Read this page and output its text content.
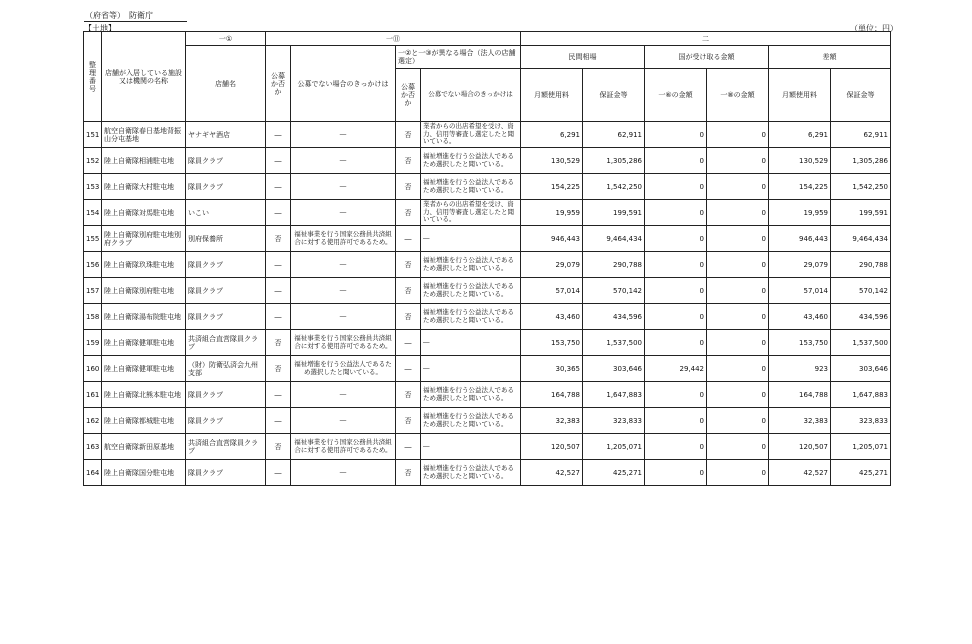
（府省等）　防衛庁
【土地】	（単位：円）
整理番号	店舗が入居している施設又は機関の名称	一①	一⑪				二					
		店舗名	公募か否か	公募でない場合のきっかけは	一②と一③が異なる場合（法人の店舗選定）		民間相場		国が受け取る金額		差額	
					公募か否か	公募でない場合のきっかけは	月額使用料	保証金等	一⑥の金額	一⑧の金額	月額使用料	保証金等
151	航空自衛隊春日基地背振山分屯基地	ヤナギヤ酒店	―	―	否	業者からの出店希望を受け、資力、信用等審査し選定したと聞いている。	6,291	62,911	0	0	6,291	62,911
152	陸上自衛隊相浦駐屯地	隊員クラブ	―	―	否	福祉増進を行う公益法人であるため選択したと聞いている。	130,529	1,305,286	0	0	130,529	1,305,286
153	陸上自衛隊大村駐屯地	隊員クラブ	―	―	否	福祉増進を行う公益法人であるため選択したと聞いている。	154,225	1,542,250	0	0	154,225	1,542,250
154	陸上自衛隊対馬駐屯地	いこい	―	―	否	業者からの出店希望を受け、資力、信用等審査し選定したと聞いている。	19,959	199,591	0	0	19,959	199,591
155	陸上自衛隊別府駐屯地別府クラブ	別府保養所	否	福祉事業を行う国家公務員共済組合に対する使用許可であるため。	―	―	946,443	9,464,434	0	0	946,443	9,464,434
156	陸上自衛隊玖珠駐屯地	隊員クラブ	―	―	否	福祉増進を行う公益法人であるため選択したと聞いている。	29,079	290,788	0	0	29,079	290,788
157	陸上自衛隊別府駐屯地	隊員クラブ	―	―	否	福祉増進を行う公益法人であるため選択したと聞いている。	57,014	570,142	0	0	57,014	570,142
158	陸上自衛隊湯布院駐屯地	隊員クラブ	―	―	否	福祉増進を行う公益法人であるため選択したと聞いている。	43,460	434,596	0	0	43,460	434,596
159	陸上自衛隊健軍駐屯地	共済組合直営隊員クラブ	否	福祉事業を行う国家公務員共済組合に対する使用許可であるため。	―	―	153,750	1,537,500	0	0	153,750	1,537,500
160	陸上自衛隊健軍駐屯地	（財）防衛弘済会九州支部	否	福祉増進を行う公益法人であるため選択したと聞いている。	―	―	30,365	303,646	29,442	0	923	303,646
161	陸上自衛隊北熊本駐屯地	隊員クラブ	―	―	否	福祉増進を行う公益法人であるため選択したと聞いている。	164,788	1,647,883	0	0	164,788	1,647,883
162	陸上自衛隊都城駐屯地	隊員クラブ	―	―	否	福祉増進を行う公益法人であるため選択したと聞いている。	32,383	323,833	0	0	32,383	323,833
163	航空自衛隊新田原基地	共済組合直営隊員クラブ	否	福祉事業を行う国家公務員共済組合に対する使用許可であるため。	―	―	120,507	1,205,071	0	0	120,507	1,205,071
164	陸上自衛隊国分駐屯地	隊員クラブ	―	―	否	福祉増進を行う公益法人であるため選択したと聞いている。	42,527	425,271	0	0	42,527	425,271
